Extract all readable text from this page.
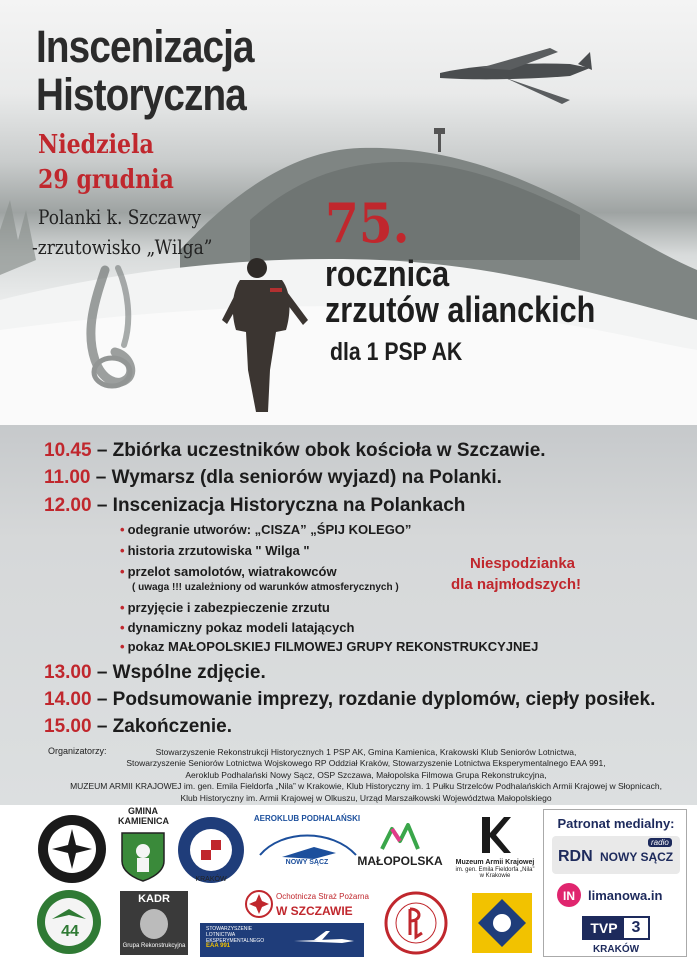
Inscenizacja
Historyczna
Niedziela
29 grudnia
Polanki k. Szczawy
-zrzutowisko „Wilga” 75.
rocznica
zrzutów alianckich
dla 1 PSP AK
10.45 – Zbiórka uczestników obok kościoła w Szczawie.
11.00 – Wymarsz (dla seniorów wyjazd) na Polanki.
12.00 – Inscenizacja Historyczna na Polankach
• odegranie utworów: „CISZA” „ŚPIJ KOLEGO”
• historia zrzutowiska " Wilga "
• przelot samolotów, wiatrakowców
( uwaga !!! uzależniony od warunków atmosferycznych )
• przyjęcie i zabezpieczenie zrzutu
• dynamiczny pokaz modeli latających
• pokaz MAŁOPOLSKIEJ FILMOWEJ GRUPY REKONSTRUKCYJNEJ
Niespodzianka
dla najmłodszych!
13.00 – Wspólne zdjęcie.
14.00 – Podsumowanie imprezy, rozdanie dyplomów, ciepły posiłek.
15.00 – Zakończenie.
Organizatorzy:	Stowarzyszenie Rekonstrukcji Historycznych 1 PSP AK, Gmina Kamienica, Krakowski Klub Seniorów Lotnictwa,
Stowarzyszenie Seniorów Lotnictwa Wojskowego RP Oddział Kraków, Stowarzyszenie Lotnictwa Eksperymentalnego EAA 991,
Aeroklub Podhalański Nowy Sącz, OSP Szczawa, Małopolska Filmowa Grupa Rekonstrukcyjna,
MUZEUM ARMII KRAJOWEJ im. gen. Emila Fieldorfa „Nila” w Krakowie, Klub Historyczny im. 1 Pułku Strzelców Podhalańskich Armii Krajowej w Słopnicach,
Klub Historyczny im. Armii Krajowej w Olkuszu, Urząd Marszałkowski Województwa Małopolskiego
GMINA
KAMIENICA
KRAKÓW
AEROKLUB PODHALAŃSKI
NOWY SĄCZ	MAŁOPOLSKA	Muzeum Armii Krajowej
im. gen. Emila Fieldorfa „Nila”
w Krakowie
Patronat medialny:
radio
RDN NOWY SĄCZ
IN limanowa.in
TVP 3
KRAKÓW
44
KADR
Grupa Rekonstrukcyjna
Ochotnicza Straż Pożarna
W SZCZAWIE
STOWARZYSZENIE LOTNICTWA EKSPERYMENTALNEGO
EAA 991
